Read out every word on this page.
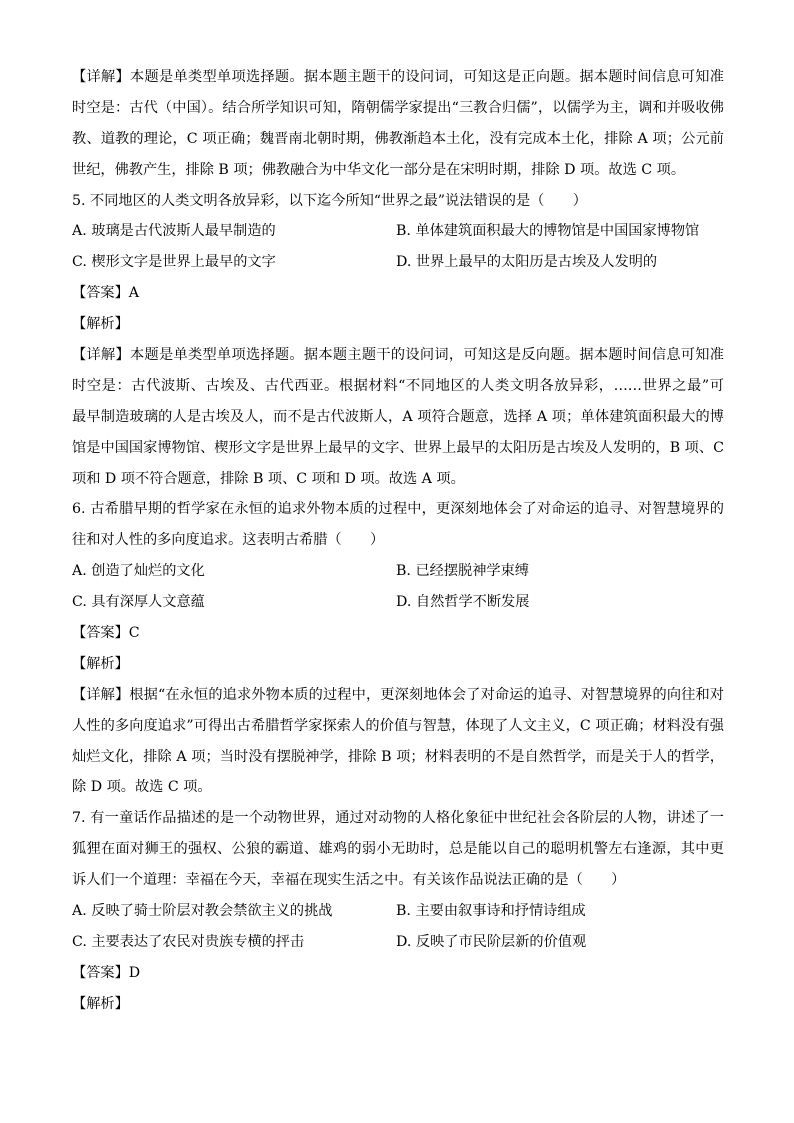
【详解】本题是单类型单项选择题。据本题主题干的设问词，可知这是正向题。据本题时间信息可知准
时空是：古代（中国）。结合所学知识可知，隋朝儒学家提出“三教合归儒”，以儒学为主，调和并吸收佛
教、道教的理论，C 项正确；魏晋南北朝时期，佛教渐趋本土化，没有完成本土化，排除 A 项；公元前
世纪，佛教产生，排除 B 项；佛教融合为中华文化一部分是在宋明时期，排除 D 项。故选 C 项。
5. 不同地区的人类文明各放异彩，以下迄今所知“世界之最”说法错误的是（　　）
A. 玻璃是古代波斯人最早制造的	B. 单体建筑面积最大的博物馆是中国国家博物馆
C. 楔形文字是世界上最早的文字	D. 世界上最早的太阳历是古埃及人发明的
【答案】A
【解析】
【详解】本题是单类型单项选择题。据本题主题干的设问词，可知这是反向题。据本题时间信息可知准
时空是：古代波斯、古埃及、古代西亚。根据材料“不同地区的人类文明各放异彩，……世界之最”可
最早制造玻璃的人是古埃及人，而不是古代波斯人，A 项符合题意，选择 A 项；单体建筑面积最大的博
馆是中国国家博物馆、楔形文字是世界上最早的文字、世界上最早的太阳历是古埃及人发明的，B 项、C
项和 D 项不符合题意，排除 B 项、C 项和 D 项。故选 A 项。
6. 古希腊早期的哲学家在永恒的追求外物本质的过程中，更深刻地体会了对命运的追寻、对智慧境界的
往和对人性的多向度追求。这表明古希腊（　　）
A. 创造了灿烂的文化	B. 已经摆脱神学束缚
C. 具有深厚人文意蕴	D. 自然哲学不断发展
【答案】C
【解析】
【详解】根据“在永恒的追求外物本质的过程中，更深刻地体会了对命运的追寻、对智慧境界的向往和对
人性的多向度追求”可得出古希腊哲学家探索人的价值与智慧，体现了人文主义，C 项正确；材料没有强
灿烂文化，排除 A 项；当时没有摆脱神学，排除 B 项；材料表明的不是自然哲学，而是关于人的哲学，
除 D 项。故选 C 项。
7. 有一童话作品描述的是一个动物世界，通过对动物的人格化象征中世纪社会各阶层的人物，讲述了一
狐狸在面对狮王的强权、公狼的霸道、雄鸡的弱小无助时，总是能以自己的聪明机警左右逢源，其中更
诉人们一个道理：幸福在今天，幸福在现实生活之中。有关该作品说法正确的是（　　）
A. 反映了骑士阶层对教会禁欲主义的挑战	B. 主要由叙事诗和抒情诗组成
C. 主要表达了农民对贵族专横的抨击	D. 反映了市民阶层新的价值观
【答案】D
【解析】
